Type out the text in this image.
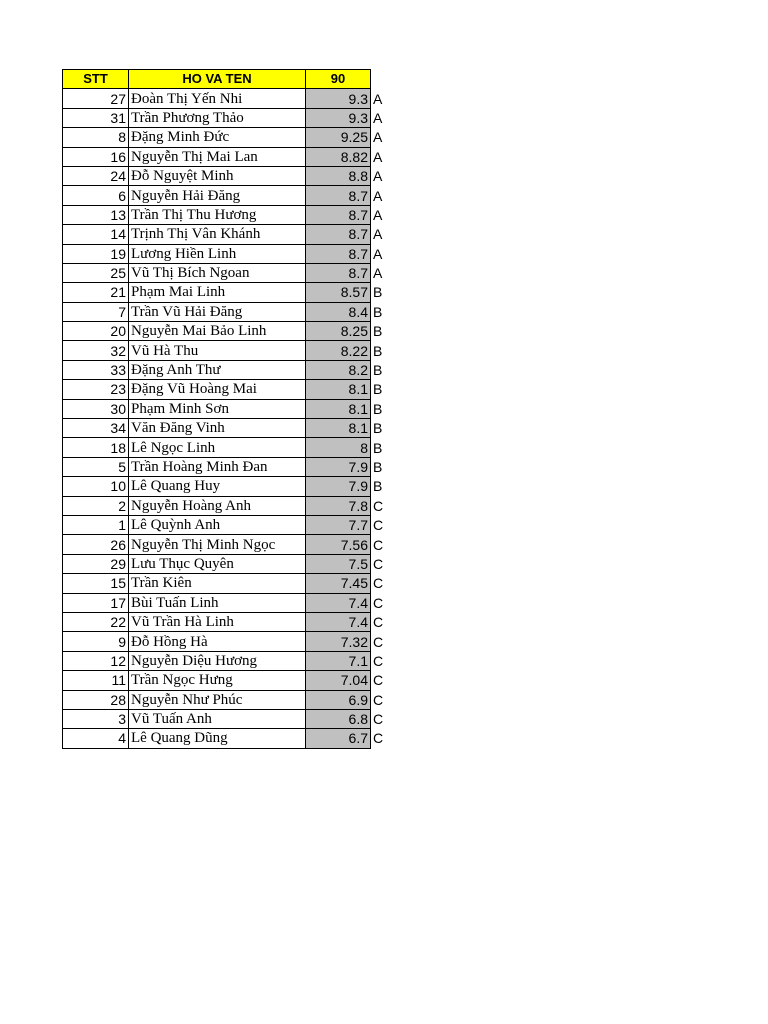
STT	HO VA TEN	90	
27	Đoàn Thị Yến Nhi	9.3	A
31	Trần Phương Thảo	9.3	A
8	Đặng Minh Đức	9.25	A
16	Nguyễn Thị Mai Lan	8.82	A
24	Đỗ Nguyệt Minh	8.8	A
6	Nguyễn Hải Đăng	8.7	A
13	Trần Thị Thu Hương	8.7	A
14	Trịnh Thị Vân Khánh	8.7	A
19	Lương Hiền Linh	8.7	A
25	Vũ Thị Bích Ngoan	8.7	A
21	Phạm Mai Linh	8.57	B
7	Trần Vũ Hải Đăng	8.4	B
20	Nguyễn Mai Bảo Linh	8.25	B
32	Vũ Hà Thu	8.22	B
33	Đặng Anh Thư	8.2	B
23	Đặng Vũ Hoàng Mai	8.1	B
30	Phạm Minh Sơn	8.1	B
34	Văn Đăng Vinh	8.1	B
18	Lê Ngọc Linh	8	B
5	Trần Hoàng Minh Đan	7.9	B
10	Lê Quang Huy	7.9	B
2	Nguyễn Hoàng Anh	7.8	C
1	Lê Quỳnh Anh	7.7	C
26	Nguyễn Thị Minh Ngọc	7.56	C
29	Lưu Thục Quyên	7.5	C
15	Trần Kiên	7.45	C
17	Bùi Tuấn Linh	7.4	C
22	Vũ Trần Hà Linh	7.4	C
9	Đỗ Hồng Hà	7.32	C
12	Nguyễn Diệu Hương	7.1	C
11	Trần Ngọc Hưng	7.04	C
28	Nguyễn Như Phúc	6.9	C
3	Vũ Tuấn Anh	6.8	C
4	Lê Quang Dũng	6.7	C
